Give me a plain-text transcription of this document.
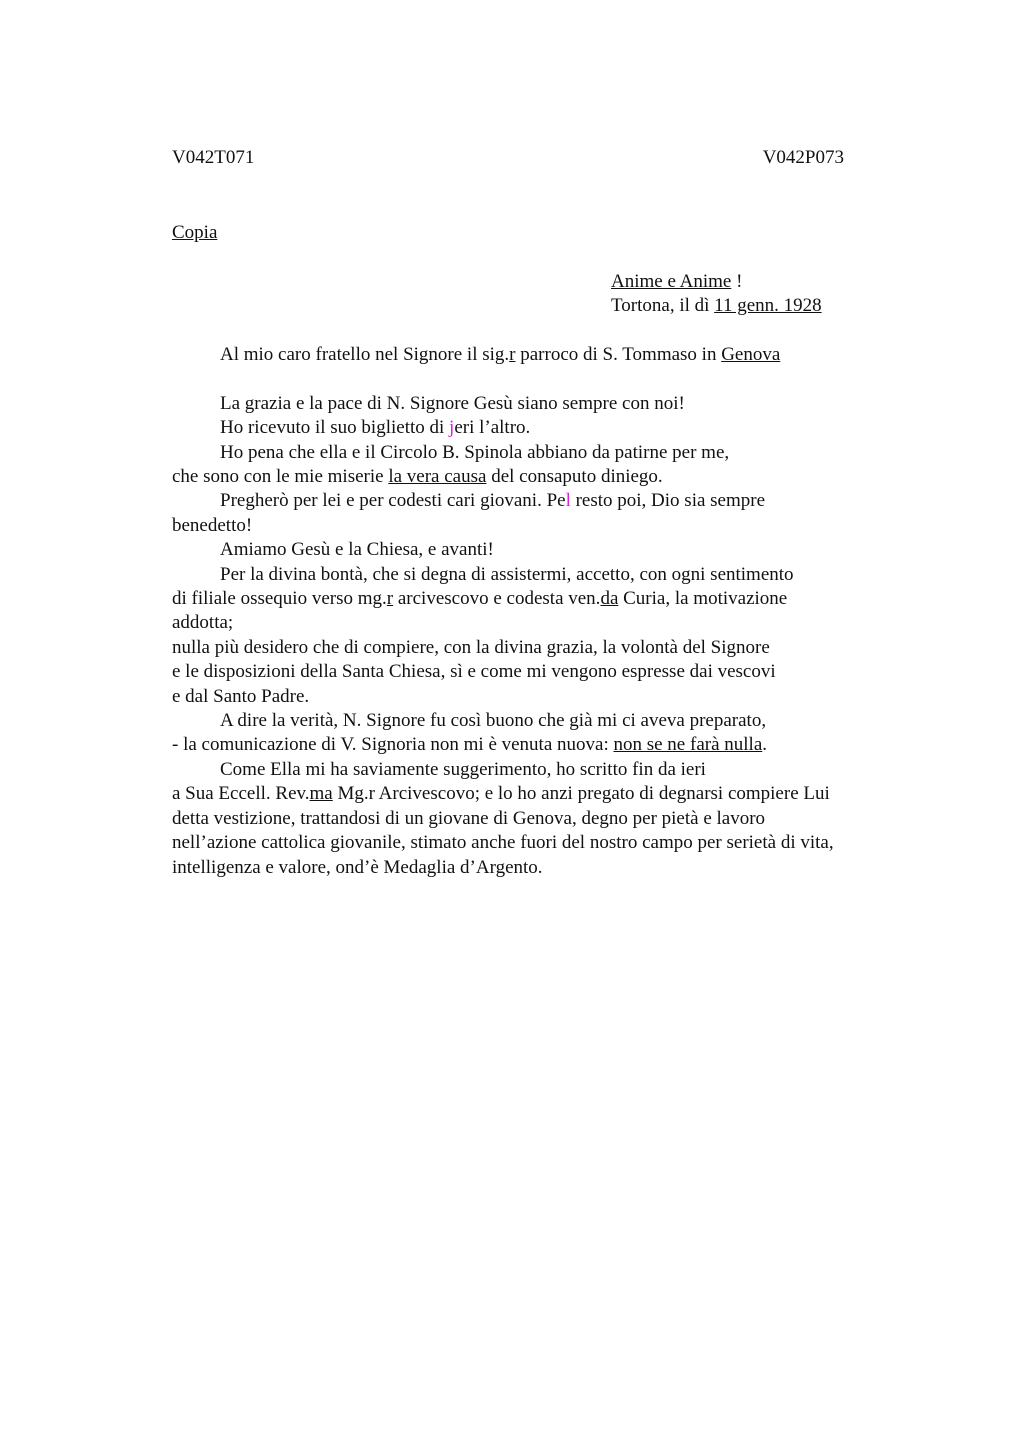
V042T071	V042P073
Copia
Anime e Anime !
Tortona, il dì 11 genn. 1928
Al mio caro fratello nel Signore il sig.r parroco di S. Tommaso in Genova
La grazia e la pace di N. Signore Gesù siano sempre con noi!
Ho ricevuto il suo biglietto di jeri l’altro.
Ho pena che ella e il Circolo B. Spinola abbiano da patirne per me,
che sono con le mie miserie la vera causa del consaputo diniego.
Pregherò per lei e per codesti cari giovani. Pel resto poi, Dio sia sempre
benedetto!
Amiamo Gesù e la Chiesa, e avanti!
Per la divina bontà, che si degna di assistermi, accetto, con ogni sentimento
di filiale ossequio verso mg.r arcivescovo e codesta ven.da Curia, la motivazione
addotta;
nulla più desidero che di compiere, con la divina grazia, la volontà del Signore
e le disposizioni della Santa Chiesa, sì e come mi vengono espresse dai vescovi
e dal Santo Padre.
A dire la verità, N. Signore fu così buono che già mi ci aveva preparato,
- la comunicazione di V. Signoria non mi è venuta nuova: non se ne farà nulla.
Come Ella mi ha saviamente suggerimento, ho scritto fin da ieri
a Sua Eccell. Rev.ma Mg.r Arcivescovo; e lo ho anzi pregato di degnarsi compiere Lui
detta vestizione, trattandosi di un giovane di Genova, degno per pietà e lavoro
nell’azione cattolica giovanile, stimato anche fuori del nostro campo per serietà di vita,
intelligenza e valore, ond’è Medaglia d’Argento.
